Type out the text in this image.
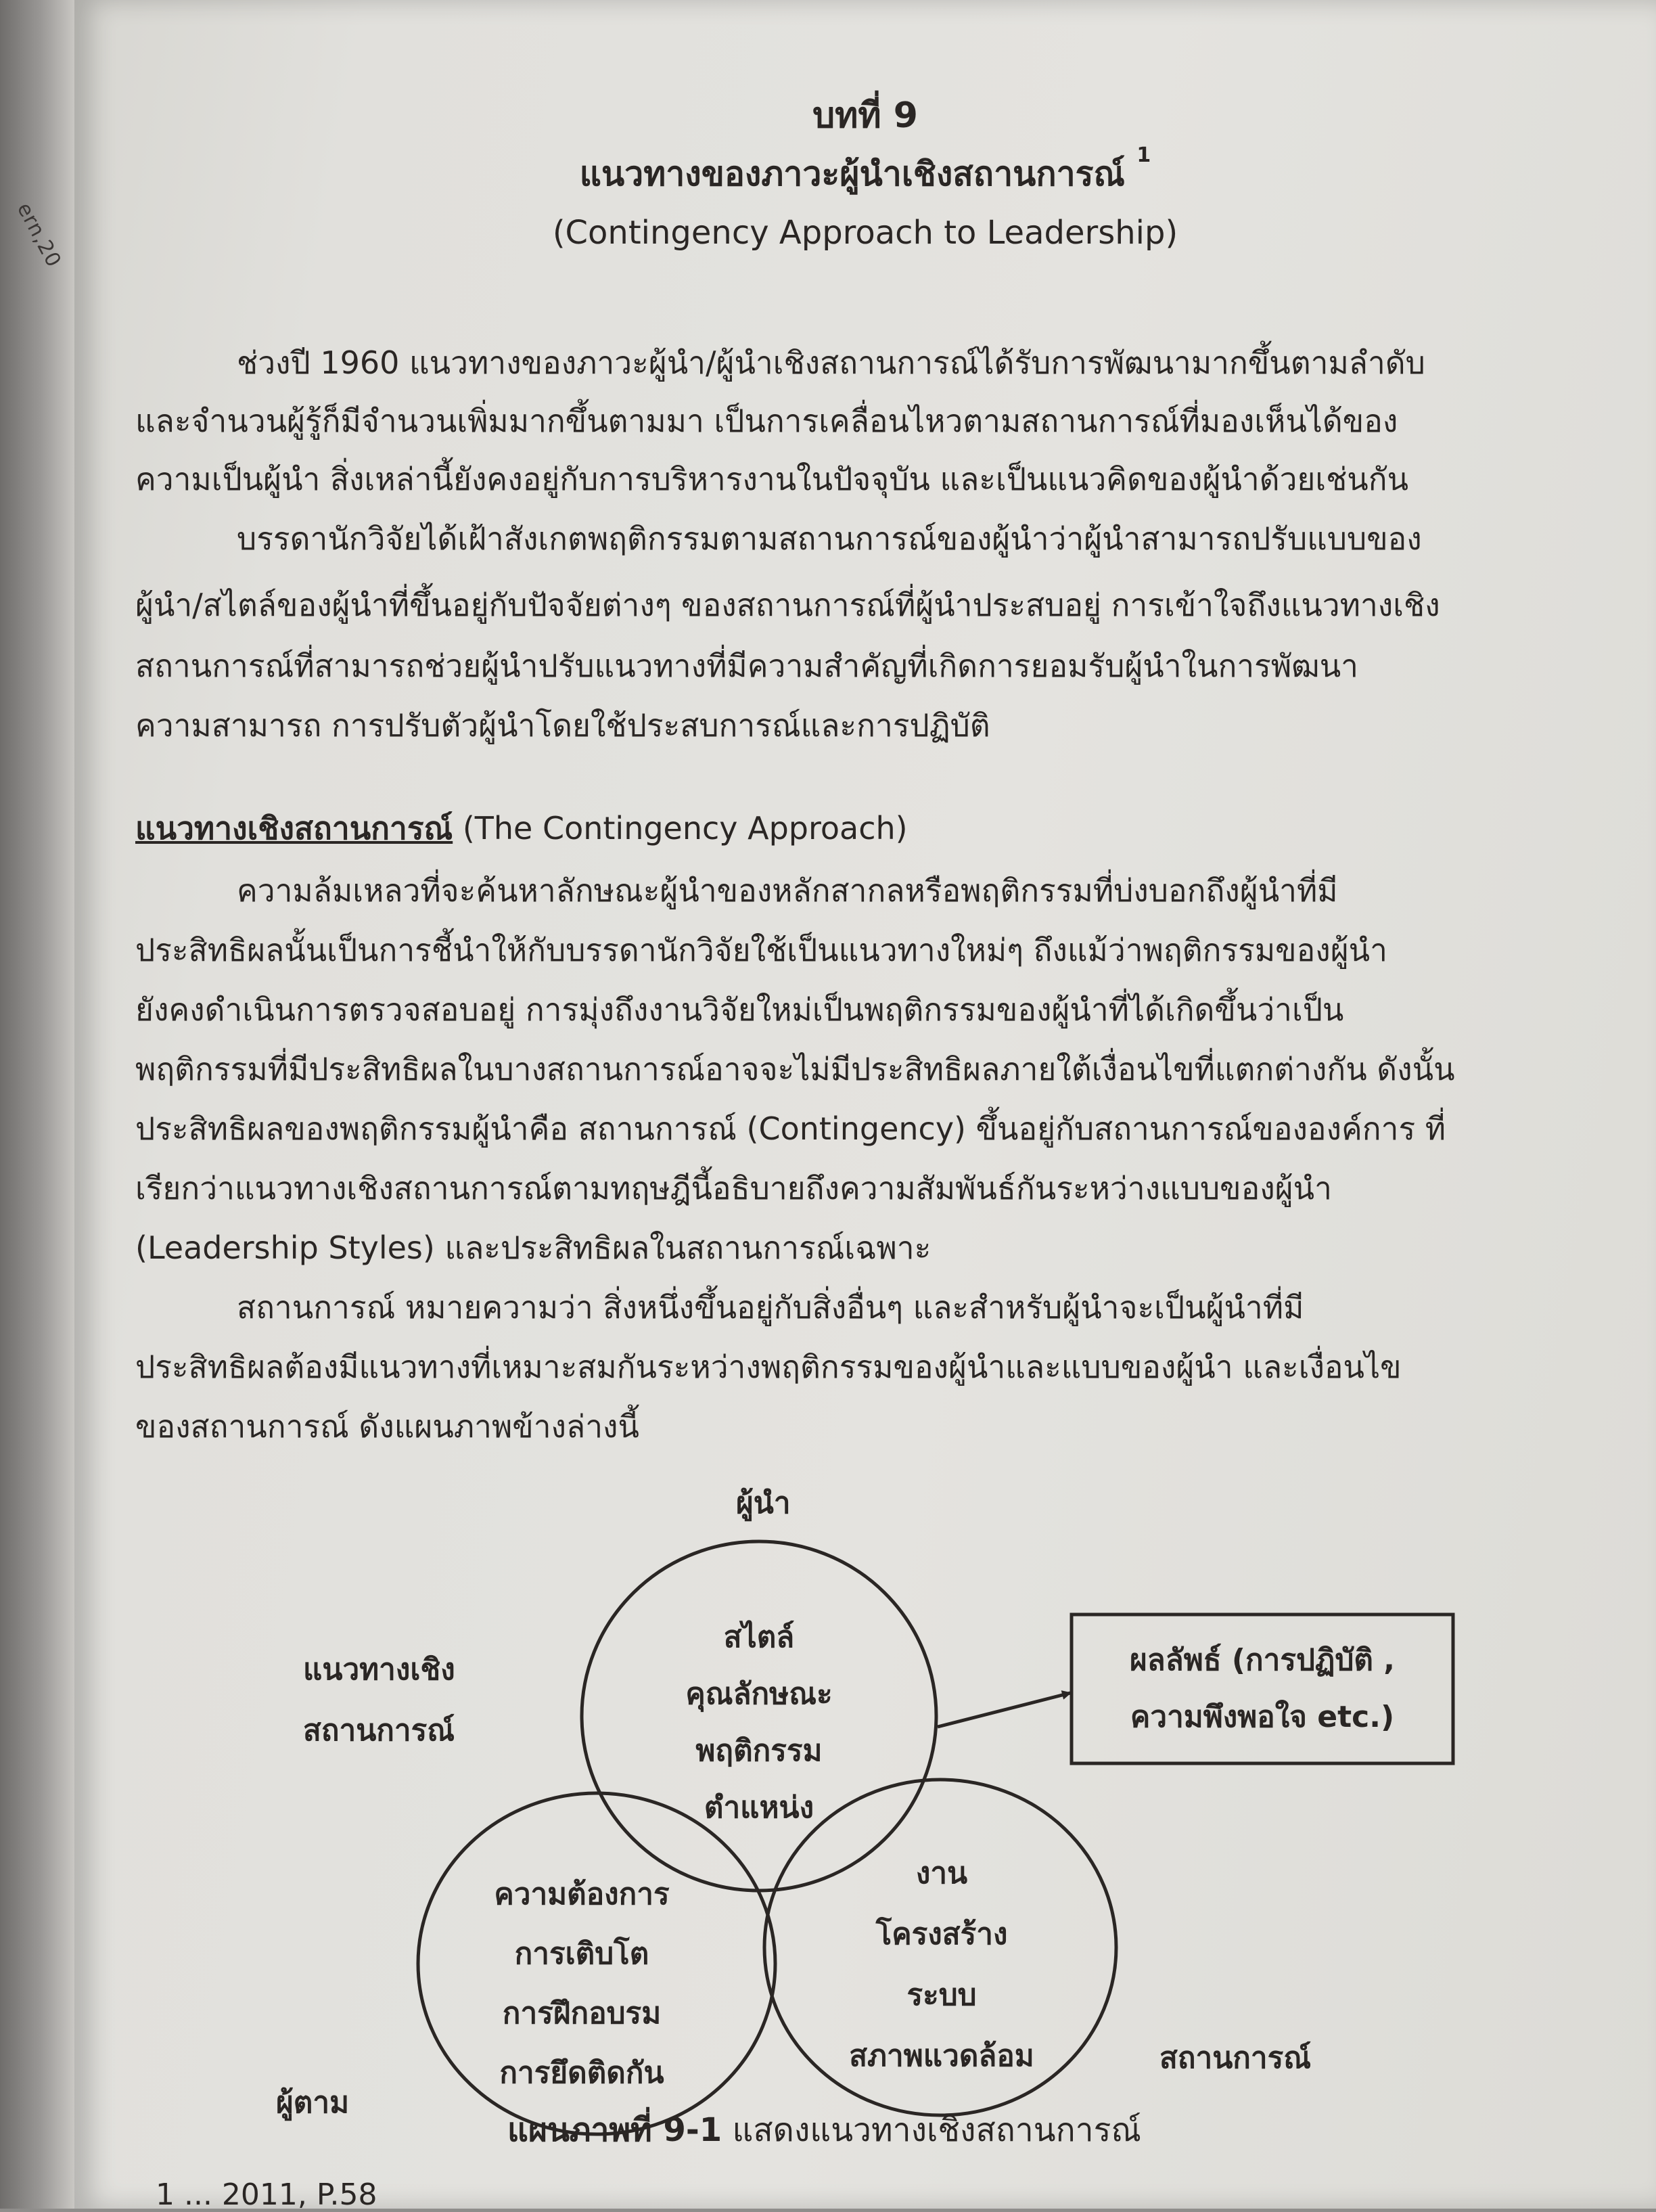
ern,20
บทที่ 9
แนวทางของภาวะผู้นำเชิงสถานการณ์ $^1$
(Contingency Approach to Leadership)
ช่วงปี 1960 แนวทางของภาวะผู้นำ/ผู้นำเชิงสถานการณ์ได้รับการพัฒนามากขึ้นตามลำดับ
และจำนวนผู้รู้ก็มีจำนวนเพิ่มมากขึ้นตามมา เป็นการเคลื่อนไหวตามสถานการณ์ที่มองเห็นได้ของ
ความเป็นผู้นำ สิ่งเหล่านี้ยังคงอยู่กับการบริหารงานในปัจจุบัน และเป็นแนวคิดของผู้นำด้วยเช่นกัน
บรรดานักวิจัยได้เฝ้าสังเกตพฤติกรรมตามสถานการณ์ของผู้นำว่าผู้นำสามารถปรับแบบของ
ผู้นำ/สไตล์ของผู้นำที่ขึ้นอยู่กับปัจจัยต่างๆ ของสถานการณ์ที่ผู้นำประสบอยู่ การเข้าใจถึงแนวทางเชิง
สถานการณ์ที่สามารถช่วยผู้นำปรับแนวทางที่มีความสำคัญที่เกิดการยอมรับผู้นำในการพัฒนา
ความสามารถ การปรับตัวผู้นำโดยใช้ประสบการณ์และการปฏิบัติ
แนวทางเชิงสถานการณ์ (The Contingency Approach)
ความล้มเหลวที่จะค้นหาลักษณะผู้นำของหลักสากลหรือพฤติกรรมที่บ่งบอกถึงผู้นำที่มี
ประสิทธิผลนั้นเป็นการชี้นำให้กับบรรดานักวิจัยใช้เป็นแนวทางใหม่ๆ ถึงแม้ว่าพฤติกรรมของผู้นำ
ยังคงดำเนินการตรวจสอบอยู่ การมุ่งถึงงานวิจัยใหม่เป็นพฤติกรรมของผู้นำที่ได้เกิดขึ้นว่าเป็น
พฤติกรรมที่มีประสิทธิผลในบางสถานการณ์อาจจะไม่มีประสิทธิผลภายใต้เงื่อนไขที่แตกต่างกัน ดังนั้น
ประสิทธิผลของพฤติกรรมผู้นำคือ สถานการณ์ (Contingency) ขึ้นอยู่กับสถานการณ์ขององค์การ ที่
เรียกว่าแนวทางเชิงสถานการณ์ตามทฤษฎีนี้อธิบายถึงความสัมพันธ์กันระหว่างแบบของผู้นำ
(Leadership Styles) และประสิทธิผลในสถานการณ์เฉพาะ
สถานการณ์ หมายความว่า สิ่งหนึ่งขึ้นอยู่กับสิ่งอื่นๆ และสำหรับผู้นำจะเป็นผู้นำที่มี
ประสิทธิผลต้องมีแนวทางที่เหมาะสมกันระหว่างพฤติกรรมของผู้นำและแบบของผู้นำ และเงื่อนไข
ของสถานการณ์ ดังแผนภาพข้างล่างนี้
ผู้นำ
แนวทางเชิง
สถานการณ์
สไตล์
คุณลักษณะ
พฤติกรรม
ตำแหน่ง
ความต้องการ
การเติบโต
การฝึกอบรม
การยึดติดกัน
งาน
โครงสร้าง
ระบบ
สภาพแวดล้อม
ผลลัพธ์ (การปฏิบัติ ,
ความพึงพอใจ etc.)
ผู้ตาม
สถานการณ์
แผนภาพที่ 9-1 แสดงแนวทางเชิงสถานการณ์
1 ... 2011, P.58
